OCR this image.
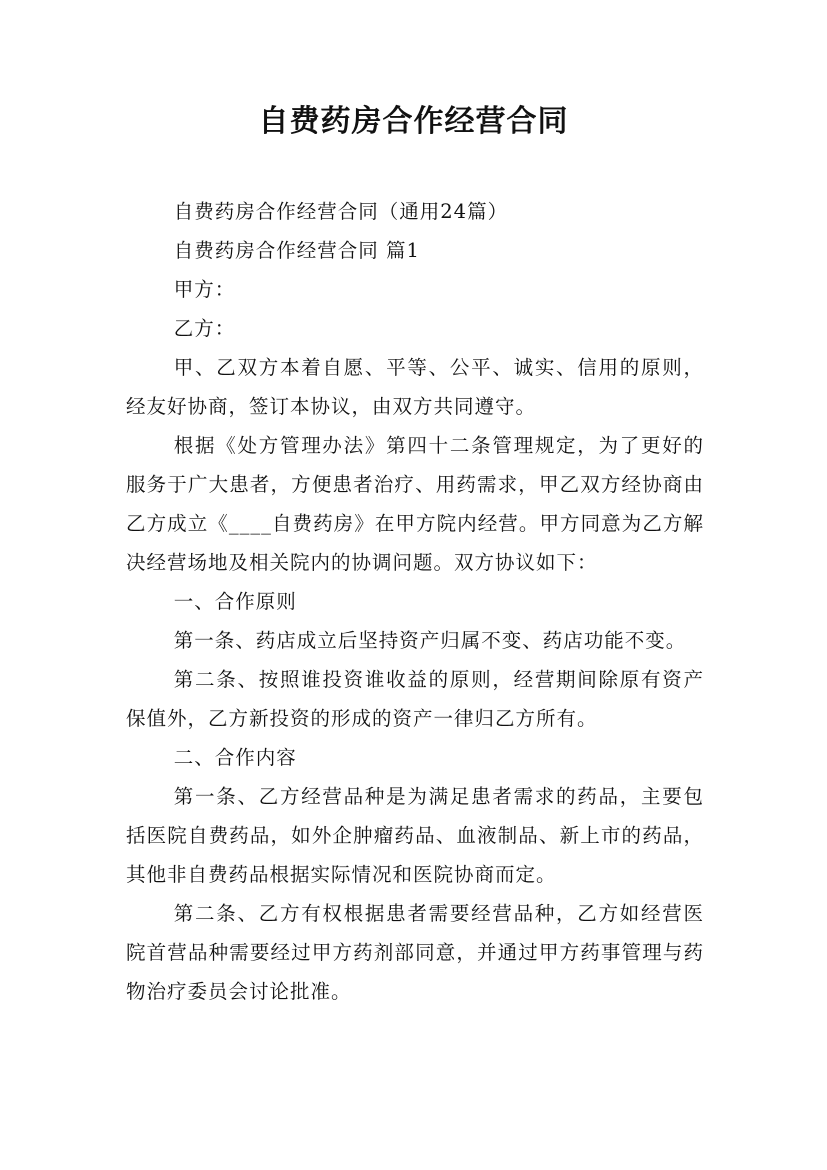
自费药房合作经营合同

自费药房合作经营合同（通用24篇）

自费药房合作经营合同 篇1

甲方：

乙方：

甲、乙双方本着自愿、平等、公平、诚实、信用的原则，经友好协商，签订本协议，由双方共同遵守。

根据《处方管理办法》第四十二条管理规定，为了更好的服务于广大患者，方便患者治疗、用药需求，甲乙双方经协商由乙方成立《____自费药房》在甲方院内经营。甲方同意为乙方解决经营场地及相关院内的协调问题。双方协议如下：

一、合作原则

第一条、药店成立后坚持资产归属不变、药店功能不变。

第二条、按照谁投资谁收益的原则，经营期间除原有资产保值外，乙方新投资的形成的资产一律归乙方所有。

二、合作内容

第一条、乙方经营品种是为满足患者需求的药品，主要包括医院自费药品，如外企肿瘤药品、血液制品、新上市的药品，其他非自费药品根据实际情况和医院协商而定。

第二条、乙方有权根据患者需要经营品种，乙方如经营医院首营品种需要经过甲方药剂部同意，并通过甲方药事管理与药物治疗委员会讨论批准。
